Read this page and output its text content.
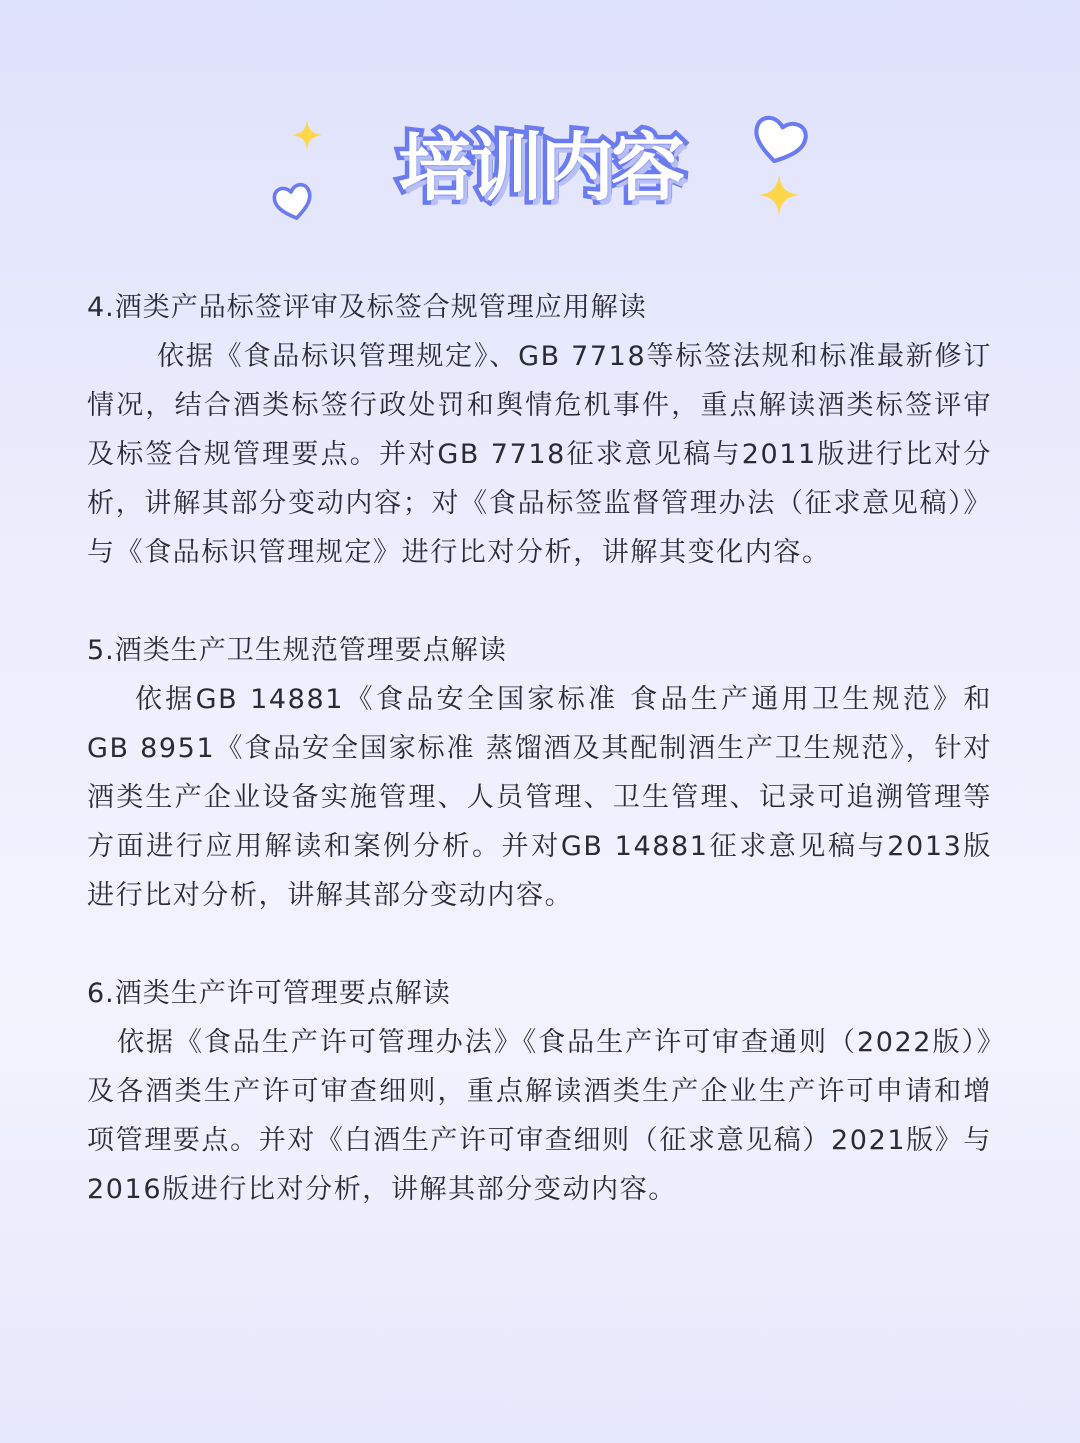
培训内容

4.酒类产品标签评审及标签合规管理应用解读

依据《食品标识管理规定》、GB 7718等标签法规和标准最新修订情况，结合酒类标签行政处罚和舆情危机事件，重点解读酒类标签评审及标签合规管理要点。并对GB 7718征求意见稿与2011版进行比对分析，讲解其部分变动内容；对《食品标签监督管理办法（征求意见稿）》与《食品标识管理规定》进行比对分析，讲解其变化内容。

5.酒类生产卫生规范管理要点解读

依据GB 14881《食品安全国家标准 食品生产通用卫生规范》和GB 8951《食品安全国家标准 蒸馏酒及其配制酒生产卫生规范》，针对酒类生产企业设备实施管理、人员管理、卫生管理、记录可追溯管理等方面进行应用解读和案例分析。并对GB 14881征求意见稿与2013版进行比对分析，讲解其部分变动内容。

6.酒类生产许可管理要点解读

依据《食品生产许可管理办法》《食品生产许可审查通则（2022版）》及各酒类生产许可审查细则，重点解读酒类生产企业生产许可申请和增项管理要点。并对《白酒生产许可审查细则（征求意见稿）2021版》与2016版进行比对分析，讲解其部分变动内容。
